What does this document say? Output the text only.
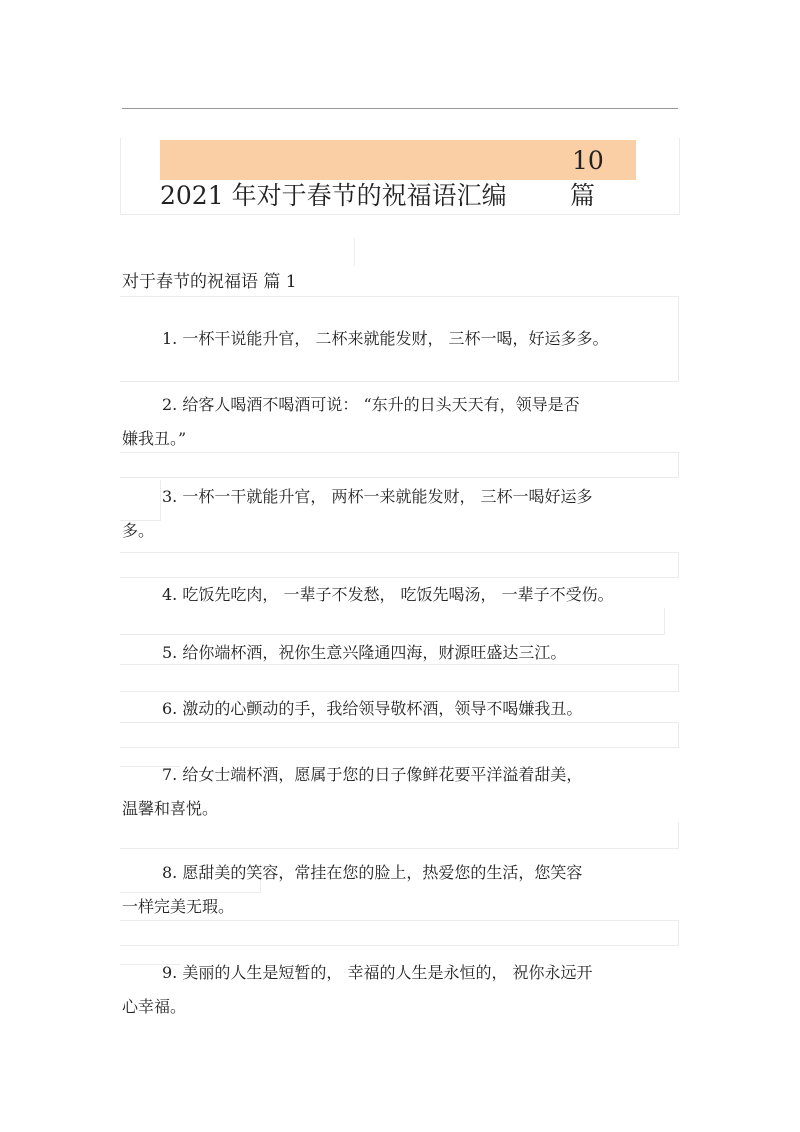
10
2021 年对于春节的祝福语汇编	篇
对于春节的祝福语 篇 1
1. 一杯干说能升官， 二杯来就能发财， 三杯一喝，好运多多。
2. 给客人喝酒不喝酒可说： “东升的日头天天有，领导是否
嫌我丑。”
3. 一杯一干就能升官， 两杯一来就能发财， 三杯一喝好运多
多。
4. 吃饭先吃肉， 一辈子不发愁， 吃饭先喝汤， 一辈子不受伤。
5. 给你端杯酒，祝你生意兴隆通四海，财源旺盛达三江。
6. 激动的心颤动的手，我给领导敬杯酒，领导不喝嫌我丑。
7. 给女士端杯酒，愿属于您的日子像鲜花要平洋溢着甜美，
温馨和喜悦。
8. 愿甜美的笑容，常挂在您的脸上，热爱您的生活，您笑容
一样完美无瑕。
9. 美丽的人生是短暂的， 幸福的人生是永恒的， 祝你永远开
心幸福。
